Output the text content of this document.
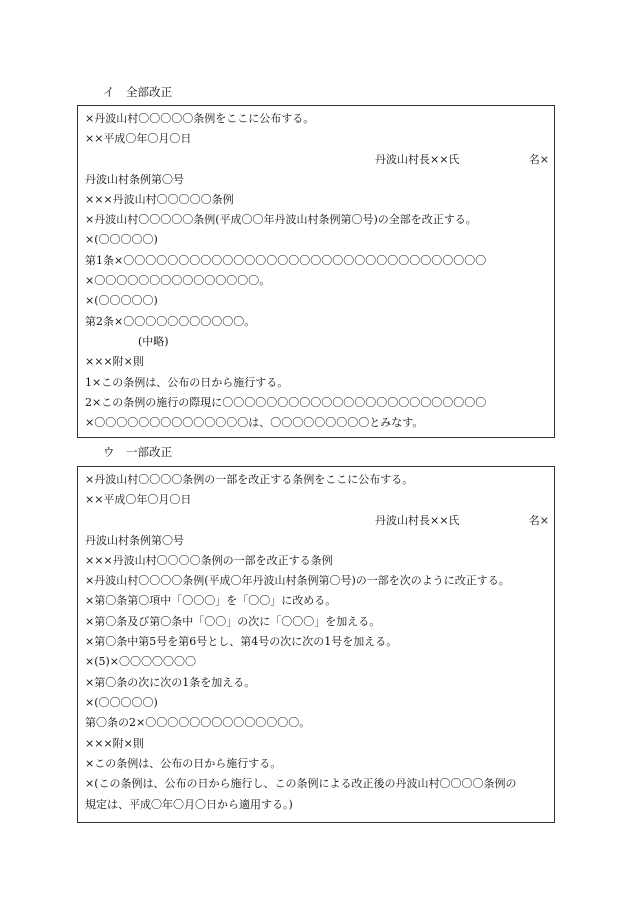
イ　全部改正
×丹波山村〇〇〇〇〇条例をここに公布する。
××平成〇年〇月〇日
丹波山村長××氏	名×
丹波山村条例第〇号
×××丹波山村〇〇〇〇〇条例
×丹波山村〇〇〇〇〇条例(平成〇〇年丹波山村条例第〇号)の全部を改正する。
×(〇〇〇〇〇)
第1条×〇〇〇〇〇〇〇〇〇〇〇〇〇〇〇〇〇〇〇〇〇〇〇〇〇〇〇〇〇〇〇〇〇
×〇〇〇〇〇〇〇〇〇〇〇〇〇〇〇。
×(〇〇〇〇〇)
第2条×〇〇〇〇〇〇〇〇〇〇〇。
(中略)
×××附×則
1×この条例は、公布の日から施行する。
2×この条例の施行の際現に〇〇〇〇〇〇〇〇〇〇〇〇〇〇〇〇〇〇〇〇〇〇〇〇
×〇〇〇〇〇〇〇〇〇〇〇〇〇〇は、〇〇〇〇〇〇〇〇〇とみなす。
ウ　一部改正
×丹波山村〇〇〇〇条例の一部を改正する条例をここに公布する。
××平成〇年〇月〇日
丹波山村長××氏	名×
丹波山村条例第〇号
×××丹波山村〇〇〇〇条例の一部を改正する条例
×丹波山村〇〇〇〇条例(平成〇年丹波山村条例第〇号)の一部を次のように改正する。
×第〇条第〇項中「〇〇〇」を「〇〇」に改める。
×第〇条及び第〇条中「〇〇」の次に「〇〇〇」を加える。
×第〇条中第5号を第6号とし、第4号の次に次の1号を加える。
×(5)×〇〇〇〇〇〇〇
×第〇条の次に次の1条を加える。
×(〇〇〇〇〇)
第〇条の2×〇〇〇〇〇〇〇〇〇〇〇〇〇〇。
×××附×則
×この条例は、公布の日から施行する。
×(この条例は、公布の日から施行し、この条例による改正後の丹波山村〇〇〇〇条例の
規定は、平成〇年〇月〇日から適用する。)
